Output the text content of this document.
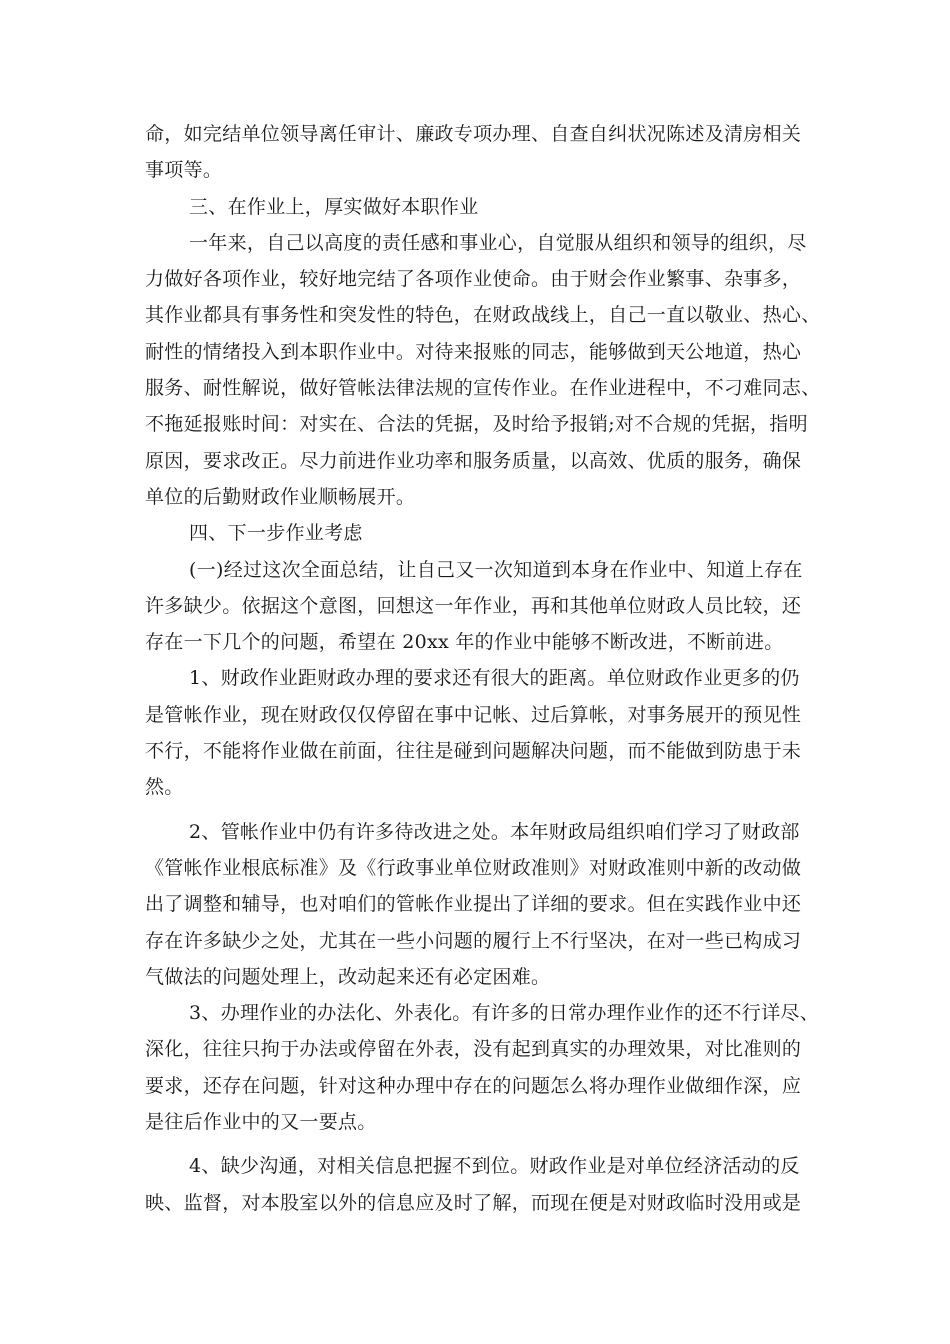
命，如完结单位领导离任审计、廉政专项办理、自查自纠状况陈述及清房相关
事项等。
三、在作业上，厚实做好本职作业
一年来，自己以高度的责任感和事业心，自觉服从组织和领导的组织，尽
力做好各项作业，较好地完结了各项作业使命。由于财会作业繁事、杂事多，
其作业都具有事务性和突发性的特色，在财政战线上，自己一直以敬业、热心、
耐性的情绪投入到本职作业中。对待来报账的同志，能够做到天公地道，热心
服务、耐性解说，做好管帐法律法规的宣传作业。在作业进程中，不刁难同志、
不拖延报账时间：对实在、合法的凭据，及时给予报销;对不合规的凭据，指明
原因，要求改正。尽力前进作业功率和服务质量，以高效、优质的服务，确保
单位的后勤财政作业顺畅展开。
四、下一步作业考虑
(一)经过这次全面总结，让自己又一次知道到本身在作业中、知道上存在
许多缺少。依据这个意图，回想这一年作业，再和其他单位财政人员比较，还
存在一下几个的问题，希望在 20xx 年的作业中能够不断改进，不断前进。
1、财政作业距财政办理的要求还有很大的距离。单位财政作业更多的仍
是管帐作业，现在财政仅仅停留在事中记帐、过后算帐，对事务展开的预见性
不行，不能将作业做在前面，往往是碰到问题解决问题，而不能做到防患于未
然。
2、管帐作业中仍有许多待改进之处。本年财政局组织咱们学习了财政部
《管帐作业根底标准》及《行政事业单位财政准则》对财政准则中新的改动做
出了调整和辅导，也对咱们的管帐作业提出了详细的要求。但在实践作业中还
存在许多缺少之处，尤其在一些小问题的履行上不行坚决，在对一些已构成习
气做法的问题处理上，改动起来还有必定困难。
3、办理作业的办法化、外表化。有许多的日常办理作业作的还不行详尽、
深化，往往只拘于办法或停留在外表，没有起到真实的办理效果，对比准则的
要求，还存在问题，针对这种办理中存在的问题怎么将办理作业做细作深，应
是往后作业中的又一要点。
4、缺少沟通，对相关信息把握不到位。财政作业是对单位经济活动的反
映、监督，对本股室以外的信息应及时了解，而现在便是对财政临时没用或是
